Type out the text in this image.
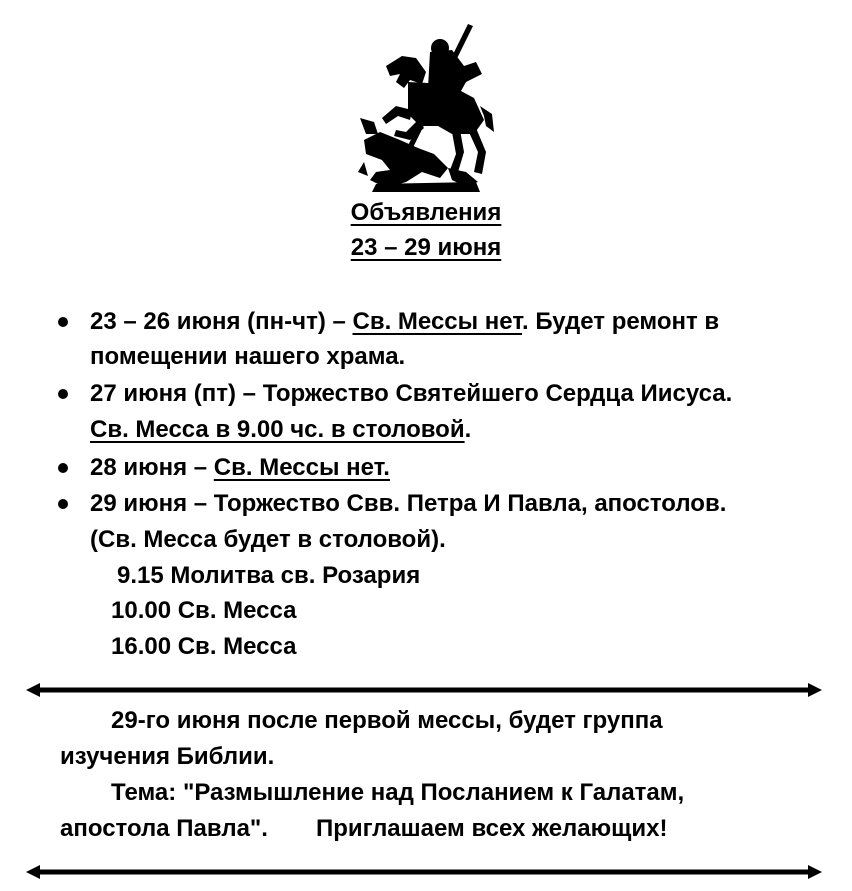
Объявления
23 – 29 июня
23 – 26 июня (пн-чт) – Св. Мессы нет. Будет ремонт в
помещении нашего храма.
27 июня (пт) – Торжество Святейшего Сердца Иисуса.
Св. Месса в 9.00 чс. в столовой.
28 июня – Св. Мессы нет.
29 июня – Торжество Свв. Петра И Павла, апостолов.
(Св. Месса будет в столовой).
9.15 Молитва св. Розария
10.00 Св. Месса
16.00 Св. Месса
29-го июня после первой мессы, будет группа
изучения Библии.
Тема: "Размышление над Посланием к Галатам,
апостола Павла". Приглашаем всех желающих!
